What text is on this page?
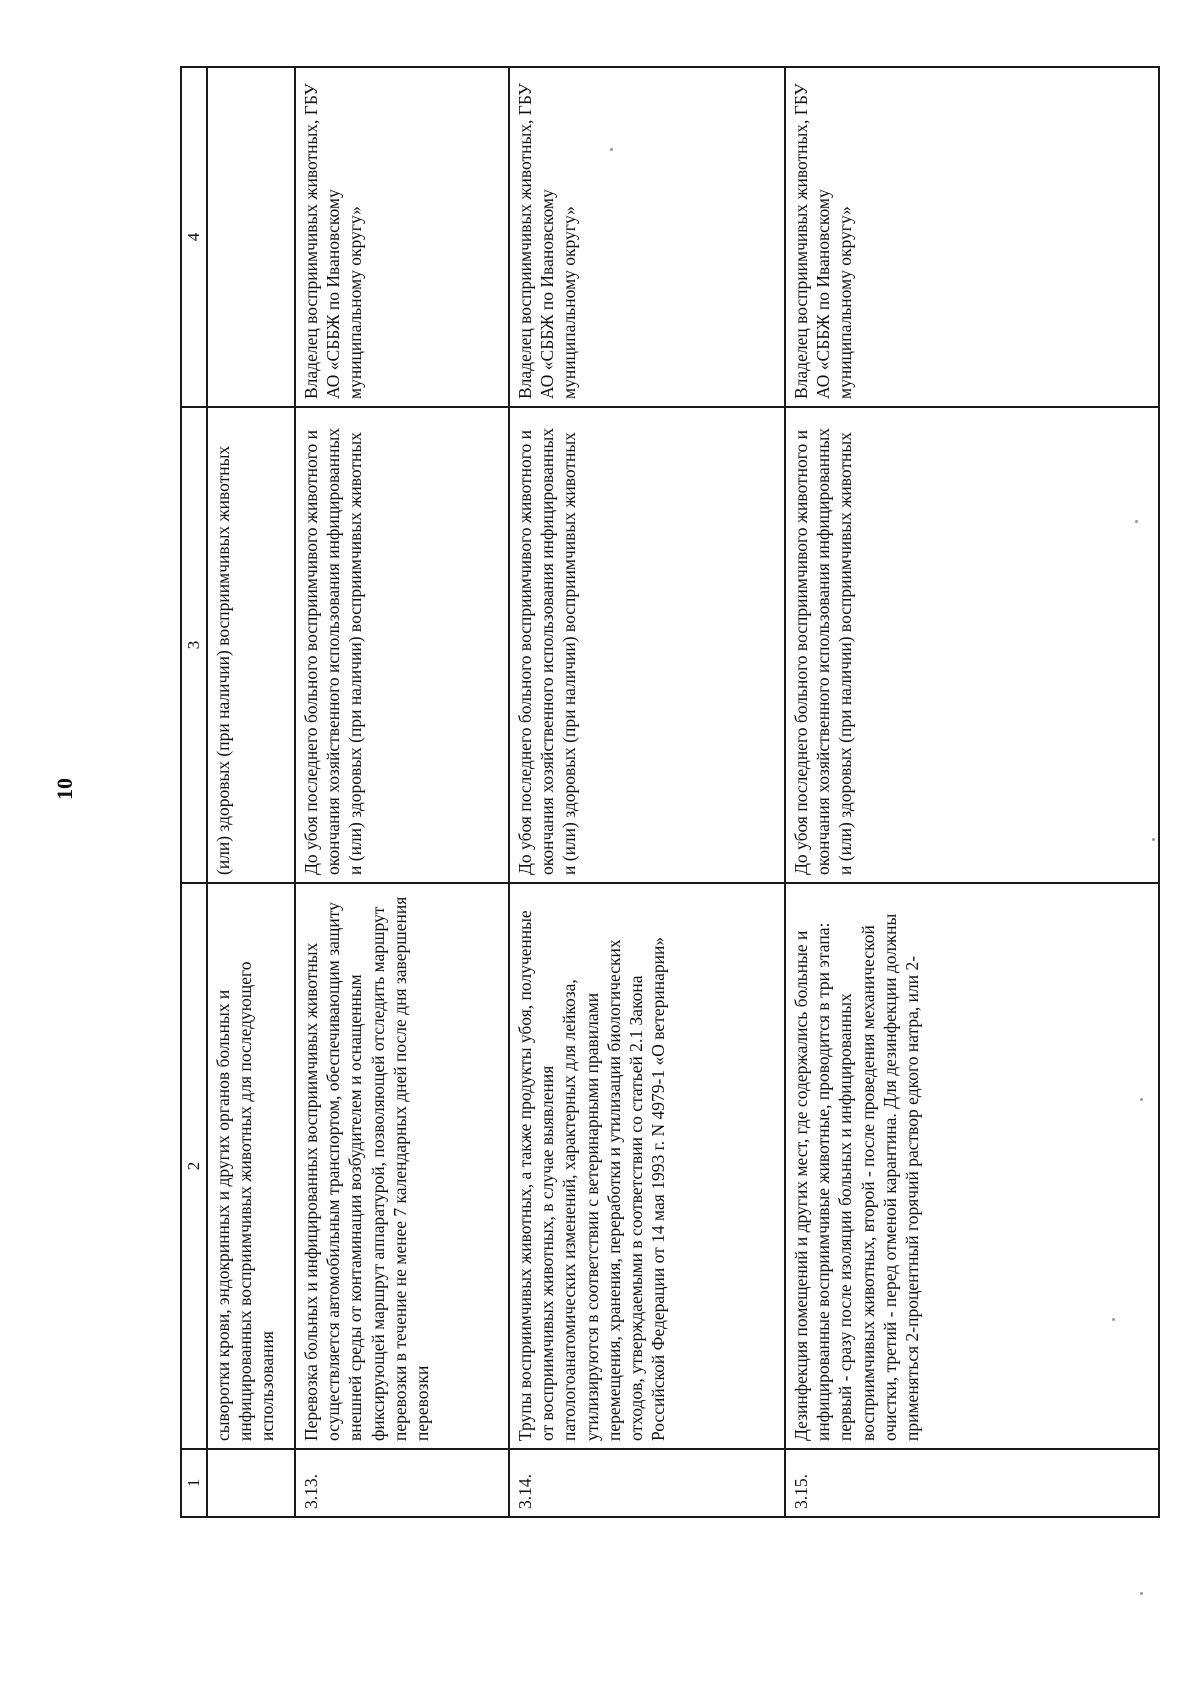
10
1	2	3	4
	сыворотки крови, эндокринных и других органов больных и инфицированных восприимчивых животных для последующего использования	(или) здоровых (при наличии) восприимчивых животных	
3.13.	Перевозка больных и инфицированных восприимчивых животных осуществляется автомобильным транспортом, обеспечивающим защиту внешней среды от контаминации возбудителем и оснащенным фиксирующей маршрут аппаратурой, позволяющей отследить маршрут перевозки в течение не менее 7 календарных дней после дня завершения перевозки	До убоя последнего больного восприимчивого животного и окончания хозяйственного использования инфицированных и (или) здоровых (при наличии) восприимчивых животных	Владелец восприимчивых животных, ГБУ АО «СББЖ по Ивановскому муниципальному округу»
3.14.	Трупы восприимчивых животных, а также продукты убоя, полученные от восприимчивых животных, в случае выявления патологоанатомических изменений, характерных для лейкоза, утилизируются в соответствии с ветеринарными правилами перемещения, хранения, переработки и утилизации биологических отходов, утверждаемыми в соответствии со статьей 2.1 Закона Российской Федерации от 14 мая 1993 г. N 4979-1 «О ветеринарии»	До убоя последнего больного восприимчивого животного и окончания хозяйственного использования инфицированных и (или) здоровых (при наличии) восприимчивых животных	Владелец восприимчивых животных, ГБУ АО «СББЖ по Ивановскому муниципальному округу»
3.15.	Дезинфекция помещений и других мест, где содержались больные и инфицированные восприимчивые животные, проводится в три этапа: первый - сразу после изоляции больных и инфицированных восприимчивых животных, второй - после проведения механической очистки, третий - перед отменой карантина. Для дезинфекции должны применяться 2-процентный горячий раствор едкого натра, или 2-	До убоя последнего больного восприимчивого животного и окончания хозяйственного использования инфицированных и (или) здоровых (при наличии) восприимчивых животных	Владелец восприимчивых животных, ГБУ АО «СББЖ по Ивановскому муниципальному округу»
